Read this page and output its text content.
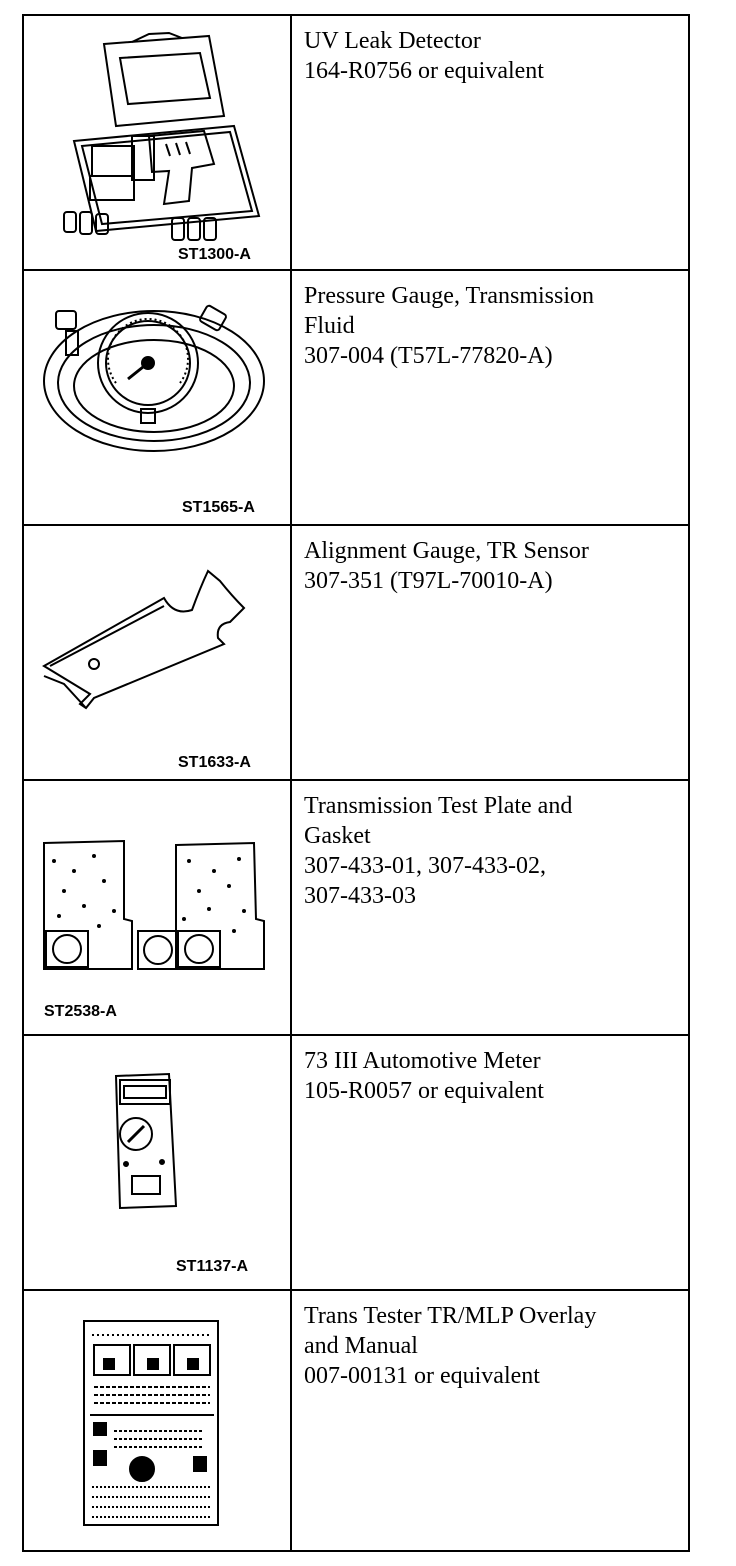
ST1300-A
UV Leak Detector
164-R0756 or equivalent
ST1565-A
Pressure Gauge, Transmission
Fluid
307-004 (T57L-77820-A)
ST1633-A
Alignment Gauge, TR Sensor
307-351 (T97L-70010-A)
ST2538-A
Transmission Test Plate and
Gasket
307-433-01, 307-433-02,
307-433-03
ST1137-A
73 III Automotive Meter
105-R0057 or equivalent
Trans Tester TR/MLP Overlay
and Manual
007-00131 or equivalent
